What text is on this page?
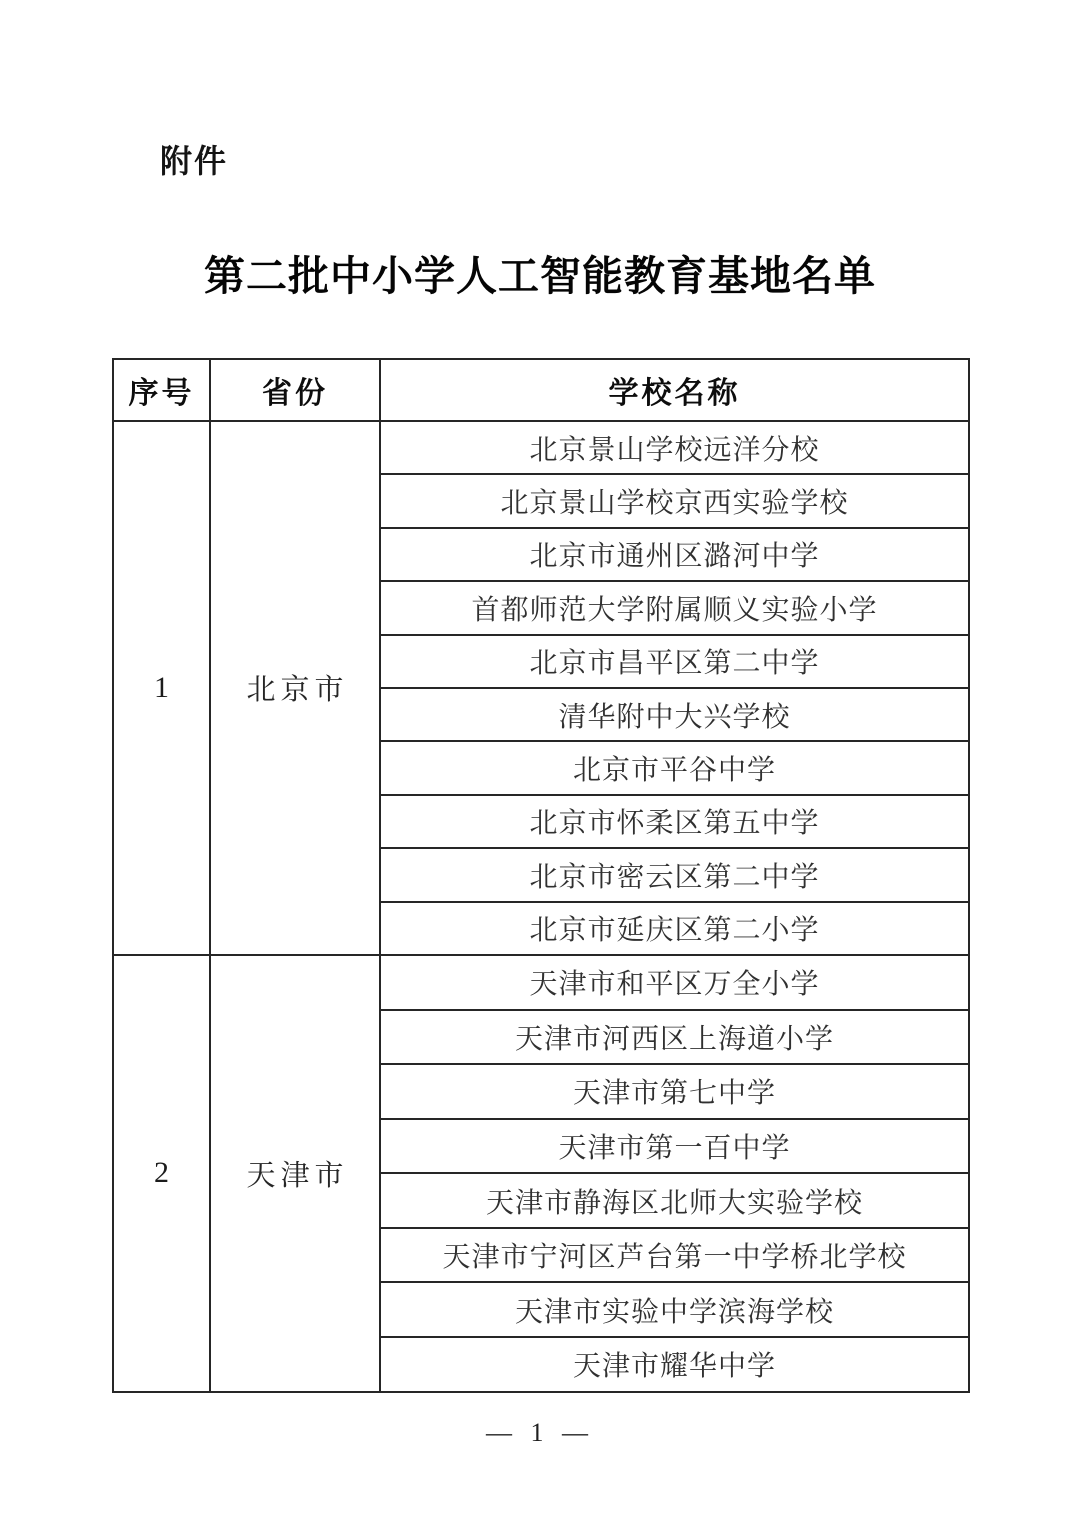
附件
第二批中小学人工智能教育基地名单
序号	省份	学校名称
1	北京市	北京景山学校远洋分校
		北京景山学校京西实验学校
		北京市通州区潞河中学
		首都师范大学附属顺义实验小学
		北京市昌平区第二中学
		清华附中大兴学校
		北京市平谷中学
		北京市怀柔区第五中学
		北京市密云区第二中学
		北京市延庆区第二小学
2	天津市	天津市和平区万全小学
		天津市河西区上海道小学
		天津市第七中学
		天津市第一百中学
		天津市静海区北师大实验学校
		天津市宁河区芦台第一中学桥北学校
		天津市实验中学滨海学校
		天津市耀华中学
— 1 —
